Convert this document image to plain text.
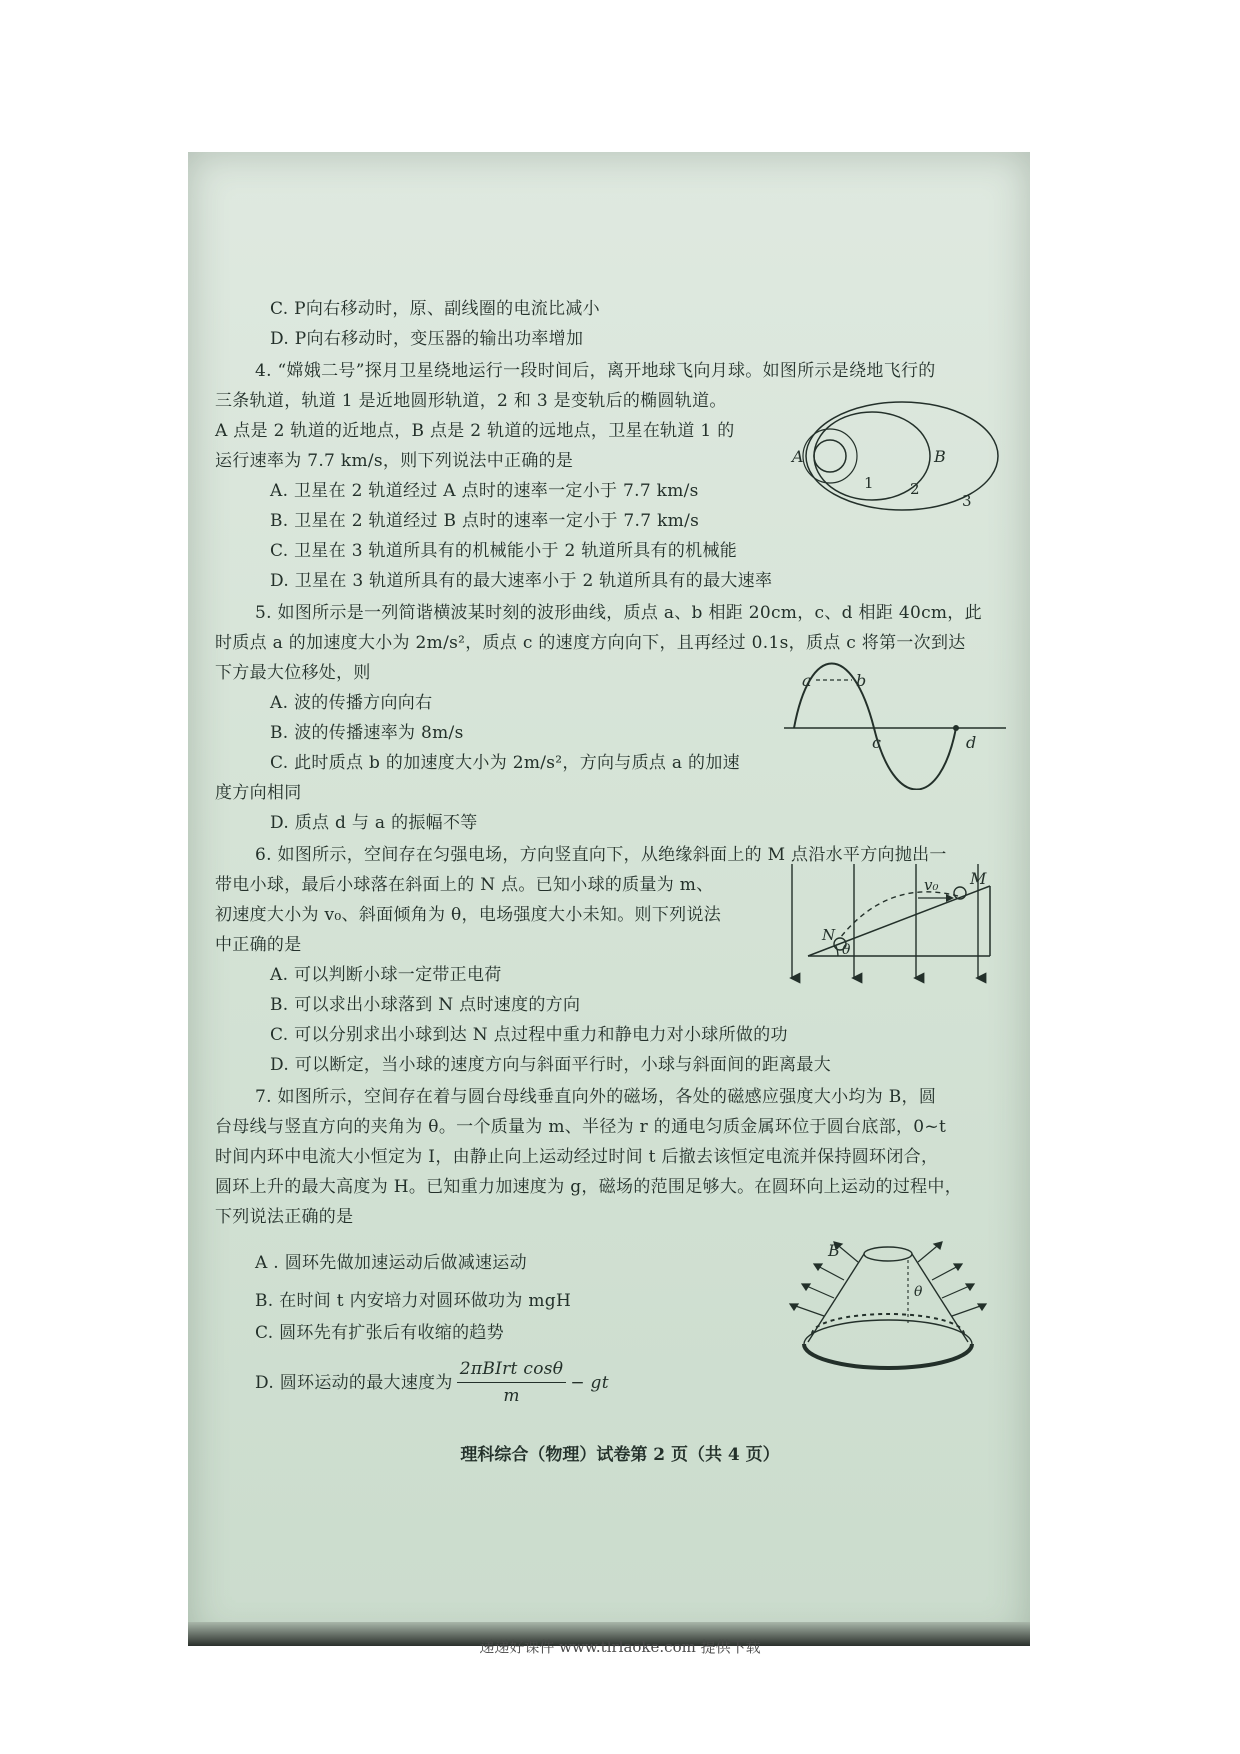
C. P向右移动时，原、副线圈的电流比减小
D. P向右移动时，变压器的输出功率增加
4. “嫦娥二号”探月卫星绕地运行一段时间后，离开地球飞向月球。如图所示是绕地飞行的
三条轨道，轨道 1 是近地圆形轨道，2 和 3 是变轨后的椭圆轨道。
A 点是 2 轨道的近地点，B 点是 2 轨道的远地点，卫星在轨道 1 的
运行速率为 7.7 km/s，则下列说法中正确的是
A. 卫星在 2 轨道经过 A 点时的速率一定小于 7.7 km/s
B. 卫星在 2 轨道经过 B 点时的速率一定小于 7.7 km/s
C. 卫星在 3 轨道所具有的机械能小于 2 轨道所具有的机械能
D. 卫星在 3 轨道所具有的最大速率小于 2 轨道所具有的最大速率
A	B
1 2
3
5. 如图所示是一列简谐横波某时刻的波形曲线，质点 a、b 相距 20cm，c、d 相距 40cm，此
时质点 a 的加速度大小为 2m/s²，质点 c 的速度方向向下，且再经过 0.1s，质点 c 将第一次到达
下方最大位移处，则
A. 波的传播方向向右
B. 波的传播速率为 8m/s
C. 此时质点 b 的加速度大小为 2m/s²，方向与质点 a 的加速
度方向相同
D. 质点 d 与 a 的振幅不等
a	b
c	d
6. 如图所示，空间存在匀强电场，方向竖直向下，从绝缘斜面上的 M 点沿水平方向抛出一
带电小球，最后小球落在斜面上的 N 点。已知小球的质量为 m、
初速度大小为 v₀、斜面倾角为 θ，电场强度大小未知。则下列说法
中正确的是
A. 可以判断小球一定带正电荷
B. 可以求出小球落到 N 点时速度的方向
C. 可以分别求出小球到达 N 点过程中重力和静电力对小球所做的功
D. 可以断定，当小球的速度方向与斜面平行时，小球与斜面间的距离最大
v₀ M
N
θ
7. 如图所示，空间存在着与圆台母线垂直向外的磁场，各处的磁感应强度大小均为 B，圆
台母线与竖直方向的夹角为 θ。一个质量为 m、半径为 r 的通电匀质金属环位于圆台底部，0~t
时间内环中电流大小恒定为 I，由静止向上运动经过时间 t 后撤去该恒定电流并保持圆环闭合，
圆环上升的最大高度为 H。已知重力加速度为 g，磁场的范围足够大。在圆环向上运动的过程中，
下列说法正确的是
A . 圆环先做加速运动后做减速运动
B. 在时间 t 内安培力对圆环做功为 mgH
C. 圆环先有扩张后有收缩的趋势
D. 圆环运动的最大速度为 $\frac{\text{2πBIrt cosθ}}{m}$ − gt
θ
B
理科综合（物理）试卷第 2 页（共 4 页）
递递好课件 www.tlrlaoke.com 提供下载
